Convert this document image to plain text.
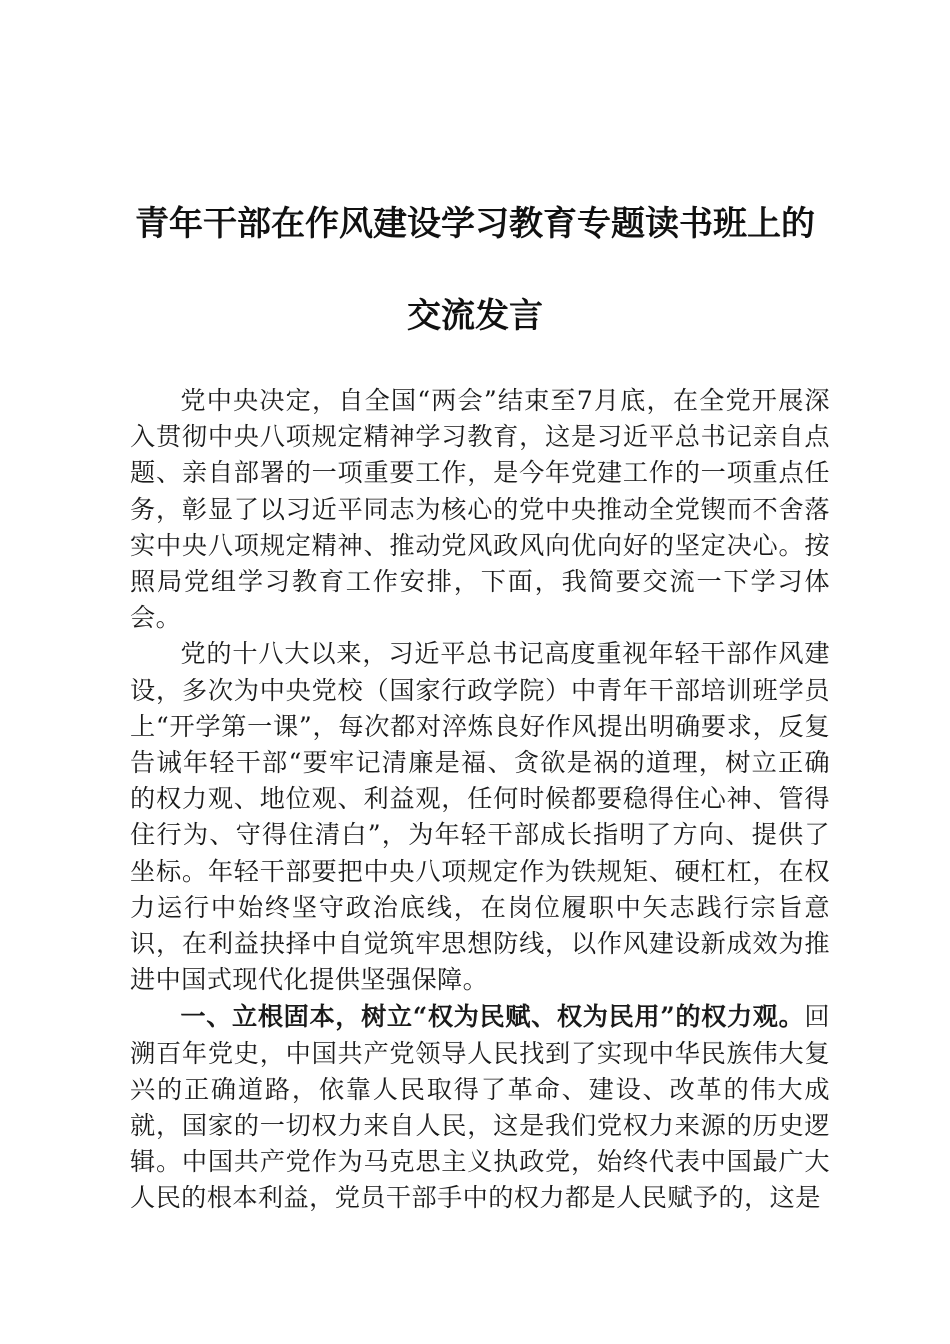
青年干部在作风建设学习教育专题读书班上的
交流发言

党中央决定，自全国“两会”结束至7月底，在全党开展深入贯彻中央八项规定精神学习教育，这是习近平总书记亲自点题、亲自部署的一项重要工作，是今年党建工作的一项重点任务，彰显了以习近平同志为核心的党中央推动全党锲而不舍落实中央八项规定精神、推动党风政风向优向好的坚定决心。按照局党组学习教育工作安排，下面，我简要交流一下学习体会。

党的十八大以来，习近平总书记高度重视年轻干部作风建设，多次为中央党校（国家行政学院）中青年干部培训班学员上“开学第一课”，每次都对淬炼良好作风提出明确要求，反复告诫年轻干部“要牢记清廉是福、贪欲是祸的道理，树立正确的权力观、地位观、利益观，任何时候都要稳得住心神、管得住行为、守得住清白”，为年轻干部成长指明了方向、提供了坐标。年轻干部要把中央八项规定作为铁规矩、硬杠杠，在权力运行中始终坚守政治底线，在岗位履职中矢志践行宗旨意识，在利益抉择中自觉筑牢思想防线，以作风建设新成效为推进中国式现代化提供坚强保障。

一、立根固本，树立“权为民赋、权为民用”的权力观。回溯百年党史，中国共产党领导人民找到了实现中华民族伟大复兴的正确道路，依靠人民取得了革命、建设、改革的伟大成就，国家的一切权力来自人民，这是我们党权力来源的历史逻辑。中国共产党作为马克思主义执政党，始终代表中国最广大人民的根本利益，党员干部手中的权力都是人民赋予的，这是
